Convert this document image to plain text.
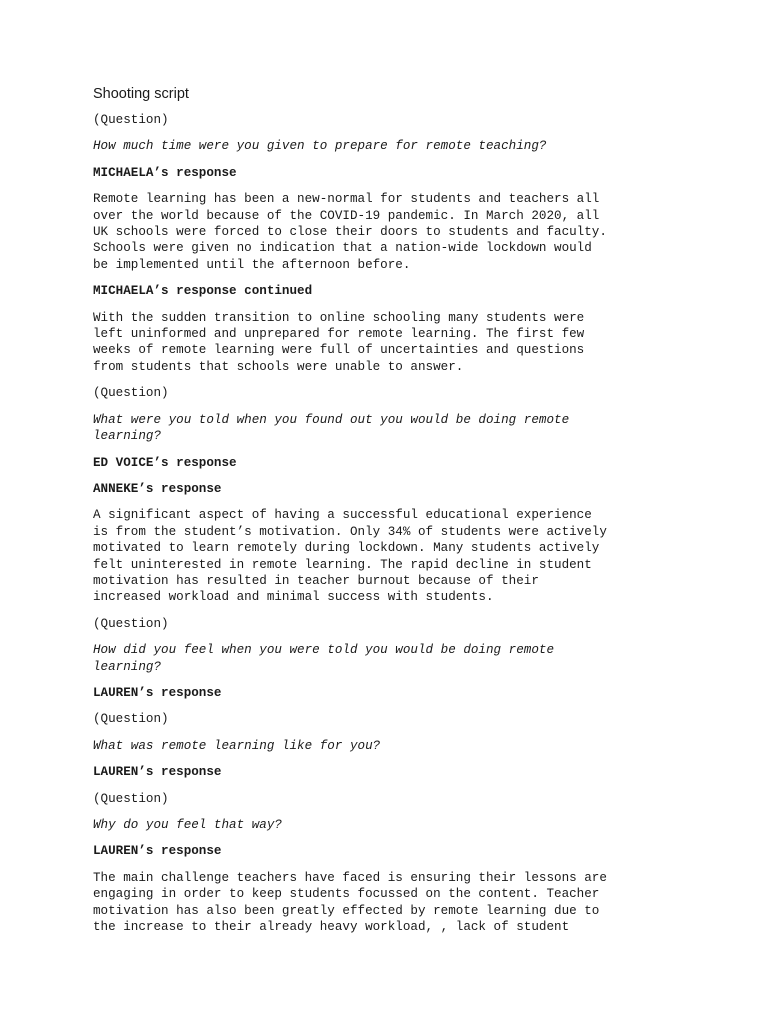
Shooting script
(Question)
How much time were you given to prepare for remote teaching?
MICHAELA’s response
Remote learning has been a new-normal for students and teachers all
over the world because of the COVID-19 pandemic. In March 2020, all
UK schools were forced to close their doors to students and faculty.
Schools were given no indication that a nation-wide lockdown would
be implemented until the afternoon before.
MICHAELA’s response continued
With the sudden transition to online schooling many students were
left uninformed and unprepared for remote learning. The first few
weeks of remote learning were full of uncertainties and questions
from students that schools were unable to answer.
(Question)
What were you told when you found out you would be doing remote
learning?
ED VOICE’s response
ANNEKE’s response
A significant aspect of having a successful educational experience
is from the student’s motivation. Only 34% of students were actively
motivated to learn remotely during lockdown. Many students actively
felt uninterested in remote learning. The rapid decline in student
motivation has resulted in teacher burnout because of their
increased workload and minimal success with students.
(Question)
How did you feel when you were told you would be doing remote
learning?
LAUREN’s response
(Question)
What was remote learning like for you?
LAUREN’s response
(Question)
Why do you feel that way?
LAUREN’s response
The main challenge teachers have faced is ensuring their lessons are
engaging in order to keep students focussed on the content. Teacher
motivation has also been greatly effected by remote learning due to
the increase to their already heavy workload, , lack of student
